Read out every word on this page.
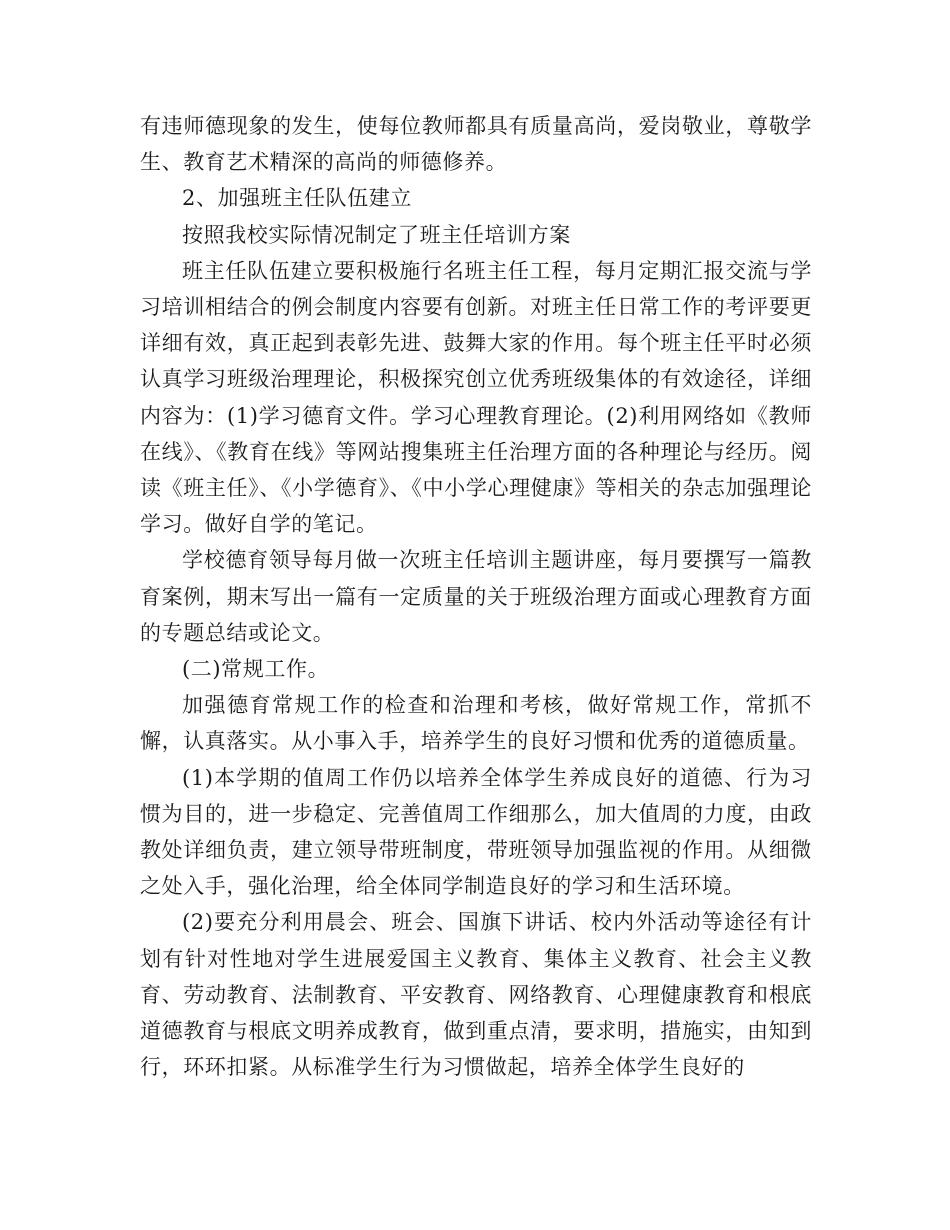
有违师德现象的发生，使每位教师都具有质量高尚，爱岗敬业，尊敬学生、教育艺术精深的高尚的师德修养。

2、加强班主任队伍建立

按照我校实际情况制定了班主任培训方案

班主任队伍建立要积极施行名班主任工程，每月定期汇报交流与学习培训相结合的例会制度内容要有创新。对班主任日常工作的考评要更详细有效，真正起到表彰先进、鼓舞大家的作用。每个班主任平时必须认真学习班级治理理论，积极探究创立优秀班级集体的有效途径，详细内容为：(1)学习德育文件。学习心理教育理论。(2)利用网络如《教师在线》、《教育在线》等网站搜集班主任治理方面的各种理论与经历。阅读《班主任》、《小学德育》、《中小学心理健康》等相关的杂志加强理论学习。做好自学的笔记。

学校德育领导每月做一次班主任培训主题讲座，每月要撰写一篇教育案例，期末写出一篇有一定质量的关于班级治理方面或心理教育方面的专题总结或论文。

(二)常规工作。

加强德育常规工作的检查和治理和考核，做好常规工作，常抓不懈，认真落实。从小事入手，培养学生的良好习惯和优秀的道德质量。

(1)本学期的值周工作仍以培养全体学生养成良好的道德、行为习惯为目的，进一步稳定、完善值周工作细那么，加大值周的力度，由政教处详细负责，建立领导带班制度，带班领导加强监视的作用。从细微之处入手，强化治理，给全体同学制造良好的学习和生活环境。

(2)要充分利用晨会、班会、国旗下讲话、校内外活动等途径有计划有针对性地对学生进展爱国主义教育、集体主义教育、社会主义教育、劳动教育、法制教育、平安教育、网络教育、心理健康教育和根底道德教育与根底文明养成教育，做到重点清，要求明，措施实，由知到行，环环扣紧。从标准学生行为习惯做起，培养全体学生良好的
